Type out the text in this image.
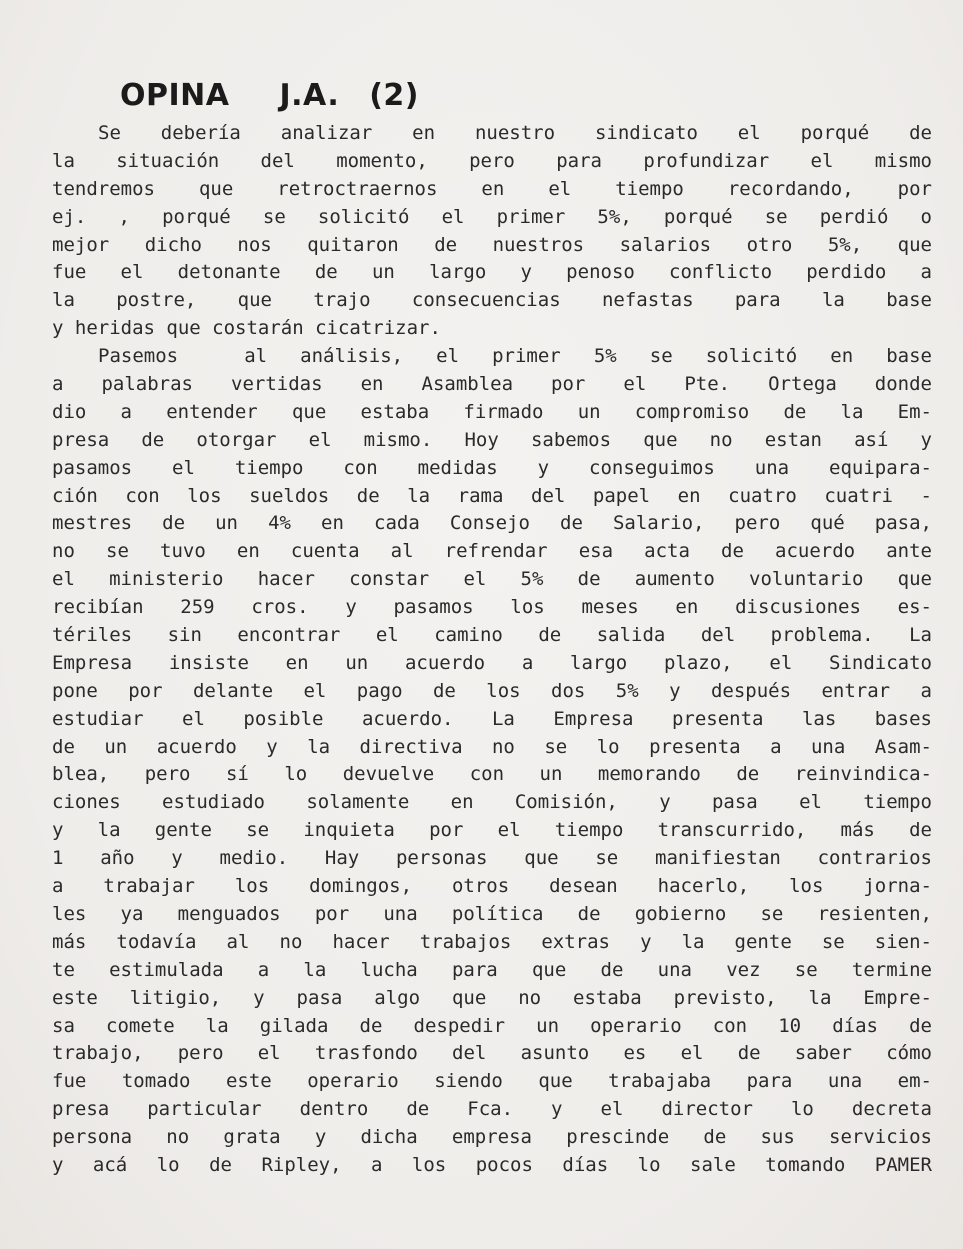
OPINA J.A. (2)
Se debería analizar en nuestro sindicato el porqué de
la situación del momento, pero para profundizar el mismo
tendremos que retroctraernos en el tiempo recordando, por
ej. , porqué se solicitó el primer 5%, porqué se perdió o
mejor dicho nos quitaron de nuestros salarios otro 5%, que
fue el detonante de un largo y penoso conflicto perdido a
la postre, que trajo consecuencias nefastas para la base
y heridas que costarán cicatrizar.
Pasemos  al análisis, el primer 5% se solicitó en base
a palabras vertidas en Asamblea por el Pte. Ortega donde
dio a entender que estaba firmado un compromiso de la Em-
presa de otorgar el mismo. Hoy sabemos que no estan así y
pasamos el tiempo con medidas y conseguimos una equipara-
ción con los sueldos de la rama del papel en cuatro cuatri -
mestres de un 4% en cada Consejo de Salario, pero qué pasa,
no se tuvo en cuenta al refrendar esa acta de acuerdo ante
el ministerio hacer constar el 5% de aumento voluntario que
recibían 259 cros. y pasamos los meses en discusiones es-
tériles sin encontrar el camino de salida del problema. La
Empresa insiste en un acuerdo a largo plazo, el Sindicato
pone por delante el pago de los dos 5% y después entrar a
estudiar el posible acuerdo. La Empresa presenta las bases
de un acuerdo y la directiva no se lo presenta a una Asam-
blea, pero sí lo devuelve con un memorando de reinvindica-
ciones estudiado solamente en Comisión, y pasa el tiempo
y la gente se inquieta por el tiempo transcurrido, más de
1 año y medio. Hay personas que se manifiestan contrarios
a trabajar los domingos, otros desean hacerlo, los jorna-
les ya menguados por una política de gobierno se resienten,
más todavía al no hacer trabajos extras y la gente se sien-
te estimulada a la lucha para que de una vez se termine
este litigio, y pasa algo que no estaba previsto, la Empre-
sa comete la gilada de despedir un operario con 10 días de
trabajo, pero el trasfondo del asunto es el de saber cómo
fue tomado este operario siendo que trabajaba para una em-
presa particular dentro de Fca. y el director lo decreta
persona no grata y dicha empresa prescinde de sus servicios
y acá lo de Ripley, a los pocos días lo sale tomando PAMER
